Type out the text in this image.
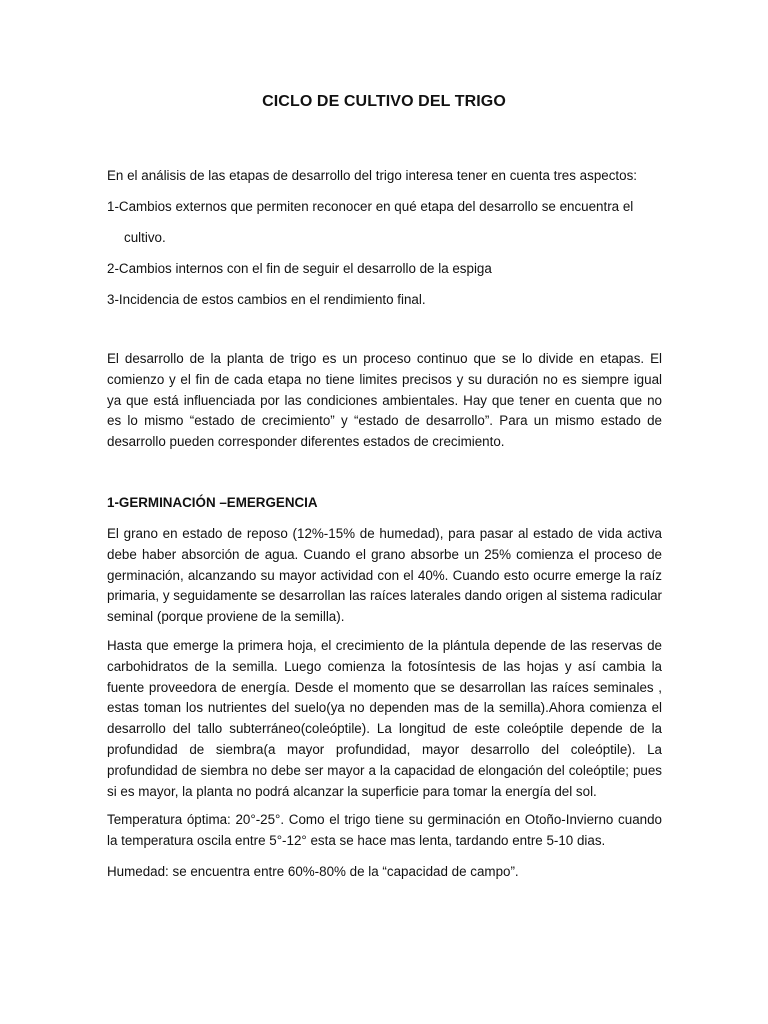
CICLO DE CULTIVO DEL TRIGO
En el análisis de las etapas de desarrollo del trigo interesa tener en cuenta tres aspectos:
1-Cambios externos que permiten reconocer en qué etapa del desarrollo se encuentra el
cultivo.
2-Cambios internos con el fin de seguir el desarrollo de la espiga
3-Incidencia de estos cambios en el rendimiento final.

El desarrollo de la planta de trigo es un proceso continuo que se lo divide en etapas. El comienzo y el fin de cada etapa no tiene limites precisos y su duración no es siempre igual ya que está influenciada por las condiciones ambientales. Hay que tener en cuenta que no es lo mismo “estado de crecimiento” y “estado de desarrollo”. Para un mismo estado de desarrollo pueden corresponder diferentes estados de crecimiento.

1-GERMINACIÓN –EMERGENCIA

El grano en estado de reposo (12%-15% de humedad), para pasar al estado de vida activa debe haber absorción de agua. Cuando el grano absorbe un 25% comienza el proceso de germinación, alcanzando su mayor actividad con el 40%. Cuando esto ocurre emerge la raíz primaria, y seguidamente se desarrollan las raíces laterales dando origen al sistema radicular seminal (porque proviene de la semilla).

Hasta que emerge la primera hoja, el crecimiento de la plántula depende de las reservas de carbohidratos de la semilla. Luego comienza la fotosíntesis de las hojas y así cambia la fuente proveedora de energía. Desde el momento que se desarrollan las raíces seminales , estas toman los nutrientes del suelo(ya no dependen mas de la semilla).Ahora comienza el desarrollo del tallo subterráneo(coleóptile). La longitud de este coleóptile depende de la profundidad de siembra(a mayor profundidad, mayor desarrollo del coleóptile). La profundidad de siembra no debe ser mayor a la capacidad de elongación del coleóptile; pues si es mayor, la planta no podrá alcanzar la superficie para tomar la energía del sol.

Temperatura óptima: 20°-25°. Como el trigo tiene su germinación en Otoño-Invierno cuando la temperatura oscila entre 5°-12° esta se hace mas lenta, tardando entre 5-10 dias.

Humedad: se encuentra entre 60%-80% de la “capacidad de campo”.
